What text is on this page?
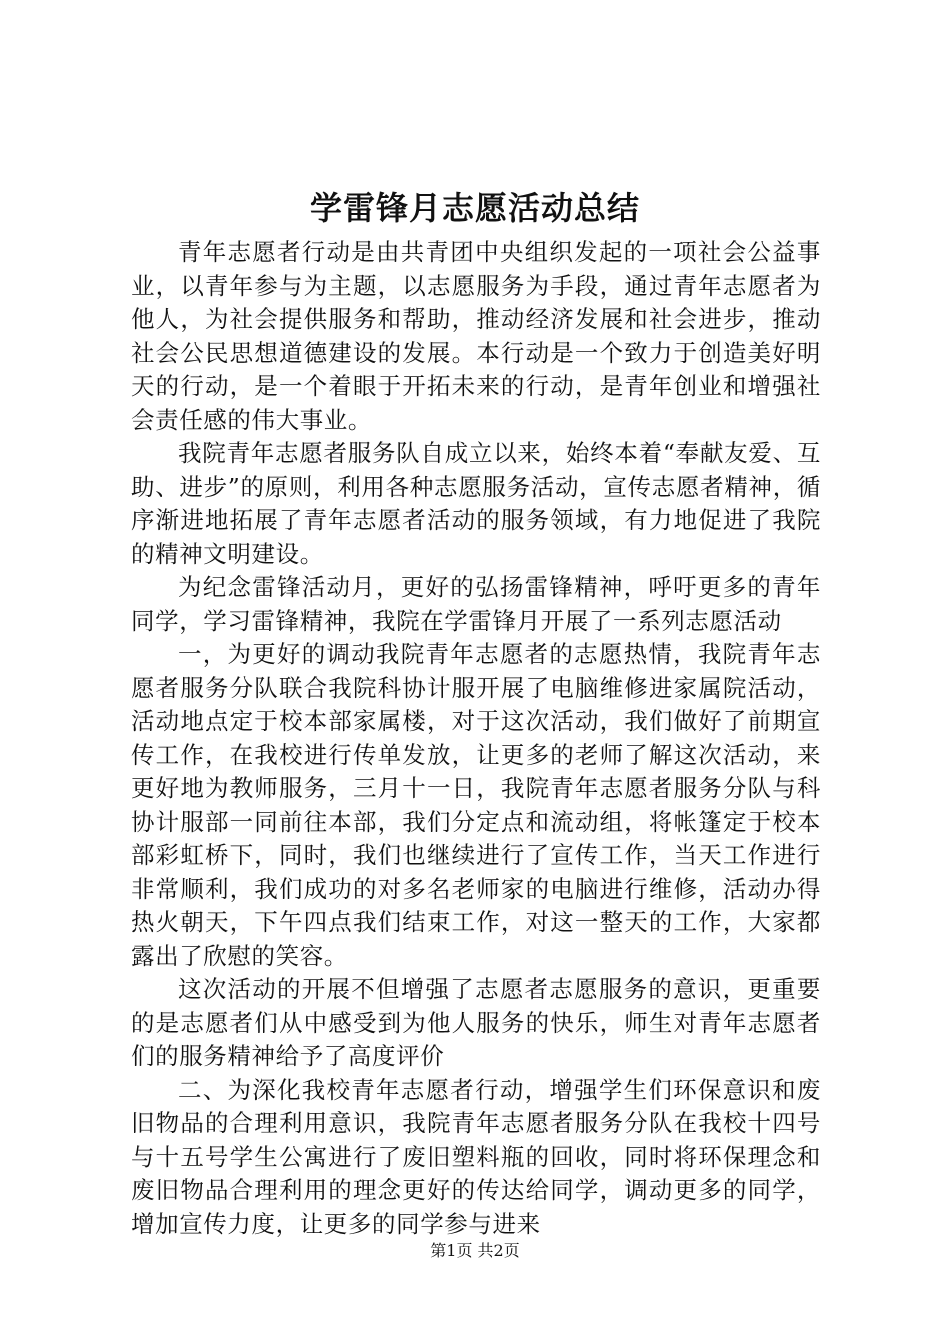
学雷锋月志愿活动总结

青年志愿者行动是由共青团中央组织发起的一项社会公益事业，以青年参与为主题，以志愿服务为手段，通过青年志愿者为他人，为社会提供服务和帮助，推动经济发展和社会进步，推动社会公民思想道德建设的发展。本行动是一个致力于创造美好明天的行动，是一个着眼于开拓未来的行动，是青年创业和增强社会责任感的伟大事业。

我院青年志愿者服务队自成立以来，始终本着“奉献友爱、互助、进步”的原则，利用各种志愿服务活动，宣传志愿者精神，循序渐进地拓展了青年志愿者活动的服务领域，有力地促进了我院的精神文明建设。

为纪念雷锋活动月，更好的弘扬雷锋精神，呼吁更多的青年同学，学习雷锋精神，我院在学雷锋月开展了一系列志愿活动

一，为更好的调动我院青年志愿者的志愿热情，我院青年志愿者服务分队联合我院科协计服开展了电脑维修进家属院活动，活动地点定于校本部家属楼，对于这次活动，我们做好了前期宣传工作，在我校进行传单发放，让更多的老师了解这次活动，来更好地为教师服务，三月十一日，我院青年志愿者服务分队与科协计服部一同前往本部，我们分定点和流动组，将帐篷定于校本部彩虹桥下，同时，我们也继续进行了宣传工作，当天工作进行非常顺利，我们成功的对多名老师家的电脑进行维修，活动办得热火朝天，下午四点我们结束工作，对这一整天的工作，大家都露出了欣慰的笑容。

这次活动的开展不但增强了志愿者志愿服务的意识，更重要的是志愿者们从中感受到为他人服务的快乐，师生对青年志愿者们的服务精神给予了高度评价

二、为深化我校青年志愿者行动，增强学生们环保意识和废旧物品的合理利用意识，我院青年志愿者服务分队在我校十四号与十五号学生公寓进行了废旧塑料瓶的回收，同时将环保理念和废旧物品合理利用的理念更好的传达给同学，调动更多的同学，增加宣传力度，让更多的同学参与进来

第1页 共2页
